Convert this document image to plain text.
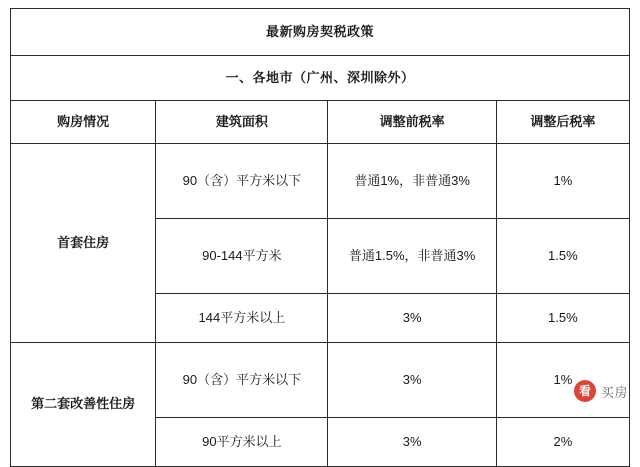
最新购房契税政策			
一、各地市（广州、深圳除外）			
购房情况	建筑面积	调整前税率	调整后税率
首套住房	90（含）平方米以下	普通1%，非普通3%	1%
	90-144平方米	普通1.5%，非普通3%	1.5%
	144平方米以上	3%	1.5%
第二套改善性住房	90（含）平方米以下	3%	1%
	90平方米以上	3%	2%
看 买房
